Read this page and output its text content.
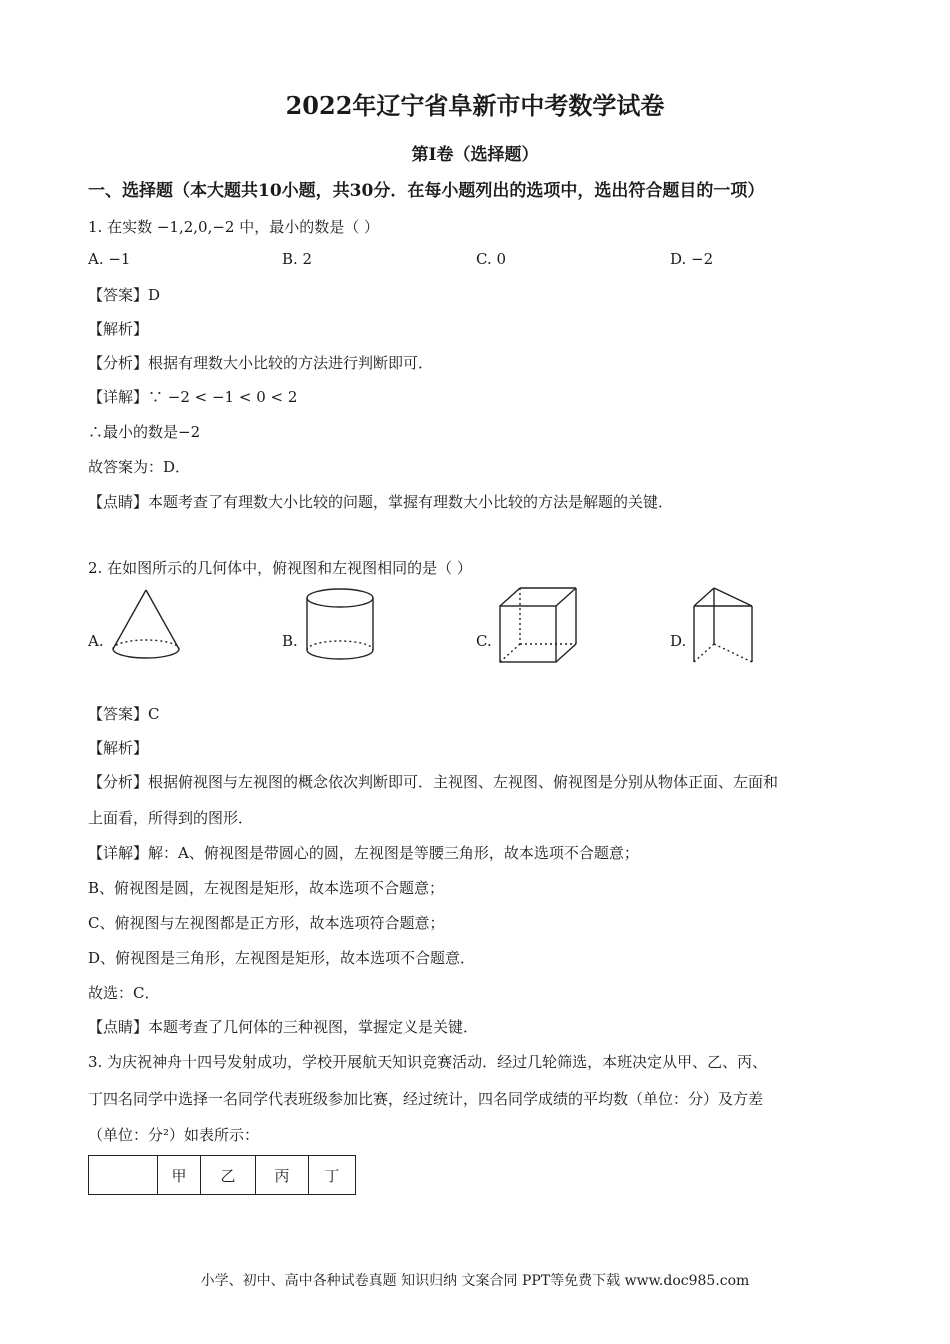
2022年辽宁省阜新市中考数学试卷
第Ⅰ卷（选择题）
一、选择题（本大题共10小题，共30分．在每小题列出的选项中，选出符合题目的一项）
1. 在实数 −1,2,0,−2 中，最小的数是（ ）
A. −1	B. 2	C. 0	D. −2
【答案】D
【解析】
【分析】根据有理数大小比较的方法进行判断即可．
【详解】∵ −2 < −1 < 0 < 2
∴最小的数是−2
故答案为：D．
【点睛】本题考查了有理数大小比较的问题，掌握有理数大小比较的方法是解题的关键．
2. 在如图所示的几何体中，俯视图和左视图相同的是（ ）
A.	B.	C.	D.
【答案】C
【解析】
【分析】根据俯视图与左视图的概念依次判断即可．主视图、左视图、俯视图是分别从物体正面、左面和
上面看，所得到的图形．
【详解】解：A、俯视图是带圆心的圆，左视图是等腰三角形，故本选项不合题意；
B、俯视图是圆，左视图是矩形，故本选项不合题意；
C、俯视图与左视图都是正方形，故本选项符合题意；
D、俯视图是三角形，左视图是矩形，故本选项不合题意．
故选：C．
【点睛】本题考查了几何体的三种视图，掌握定义是关键．
3. 为庆祝神舟十四号发射成功，学校开展航天知识竞赛活动．经过几轮筛选，本班决定从甲、乙、丙、
丁四名同学中选择一名同学代表班级参加比赛，经过统计，四名同学成绩的平均数（单位：分）及方差
（单位：分²）如表所示：
	甲	乙	丙	丁
小学、初中、高中各种试卷真题 知识归纳 文案合同 PPT等免费下载 www.doc985.com
